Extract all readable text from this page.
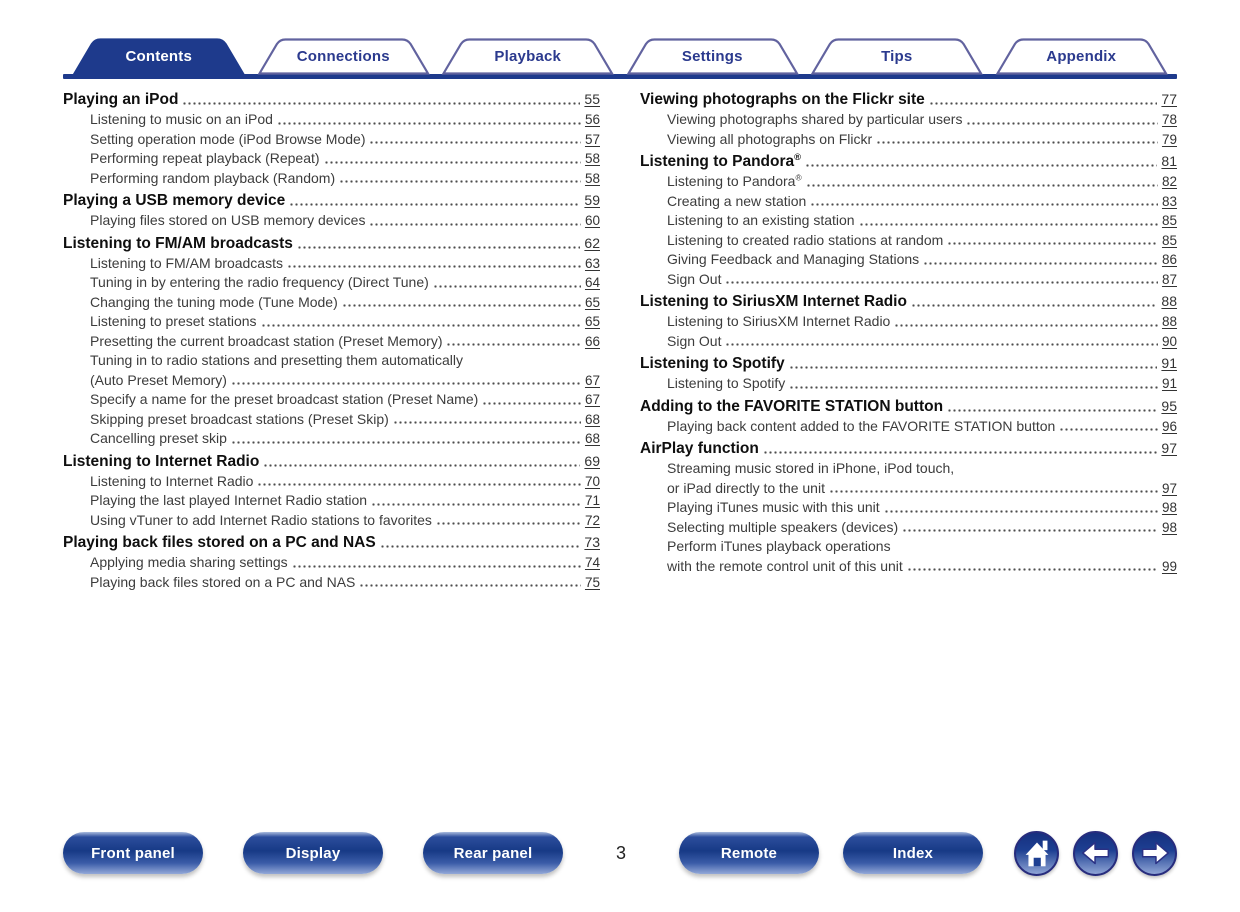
Contents	Connections	Playback	Settings	Tips	Appendix
Playing an iPod	55
Listening to music on an iPod	56
Setting operation mode (iPod Browse Mode)	57
Performing repeat playback (Repeat)	58
Performing random playback (Random)	58
Playing a USB memory device	59
Playing files stored on USB memory devices	60
Listening to FM/AM broadcasts	62
Listening to FM/AM broadcasts	63
Tuning in by entering the radio frequency (Direct Tune)	64
Changing the tuning mode (Tune Mode)	65
Listening to preset stations	65
Presetting the current broadcast station (Preset Memory)	66
Tuning in to radio stations and presetting them automatically
(Auto Preset Memory)	67
Specify a name for the preset broadcast station (Preset Name)	67
Skipping preset broadcast stations (Preset Skip)	68
Cancelling preset skip	68
Listening to Internet Radio	69
Listening to Internet Radio	70
Playing the last played Internet Radio station	71
Using vTuner to add Internet Radio stations to favorites	72
Playing back files stored on a PC and NAS	73
Applying media sharing settings	74
Playing back files stored on a PC and NAS	75
Viewing photographs on the Flickr site	77
Viewing photographs shared by particular users	78
Viewing all photographs on Flickr	79
Listening to Pandora®	81
Listening to Pandora®	82
Creating a new station	83
Listening to an existing station	85
Listening to created radio stations at random	85
Giving Feedback and Managing Stations	86
Sign Out	87
Listening to SiriusXM Internet Radio	88
Listening to SiriusXM Internet Radio	88
Sign Out	90
Listening to Spotify	91
Listening to Spotify	91
Adding to the FAVORITE STATION button	95
Playing back content added to the FAVORITE STATION button	96
AirPlay function	97
Streaming music stored in iPhone, iPod touch,
or iPad directly to the unit	97
Playing iTunes music with this unit	98
Selecting multiple speakers (devices)	98
Perform iTunes playback operations
with the remote control unit of this unit	99
Front panel	Display	Rear panel	3	Remote	Index
